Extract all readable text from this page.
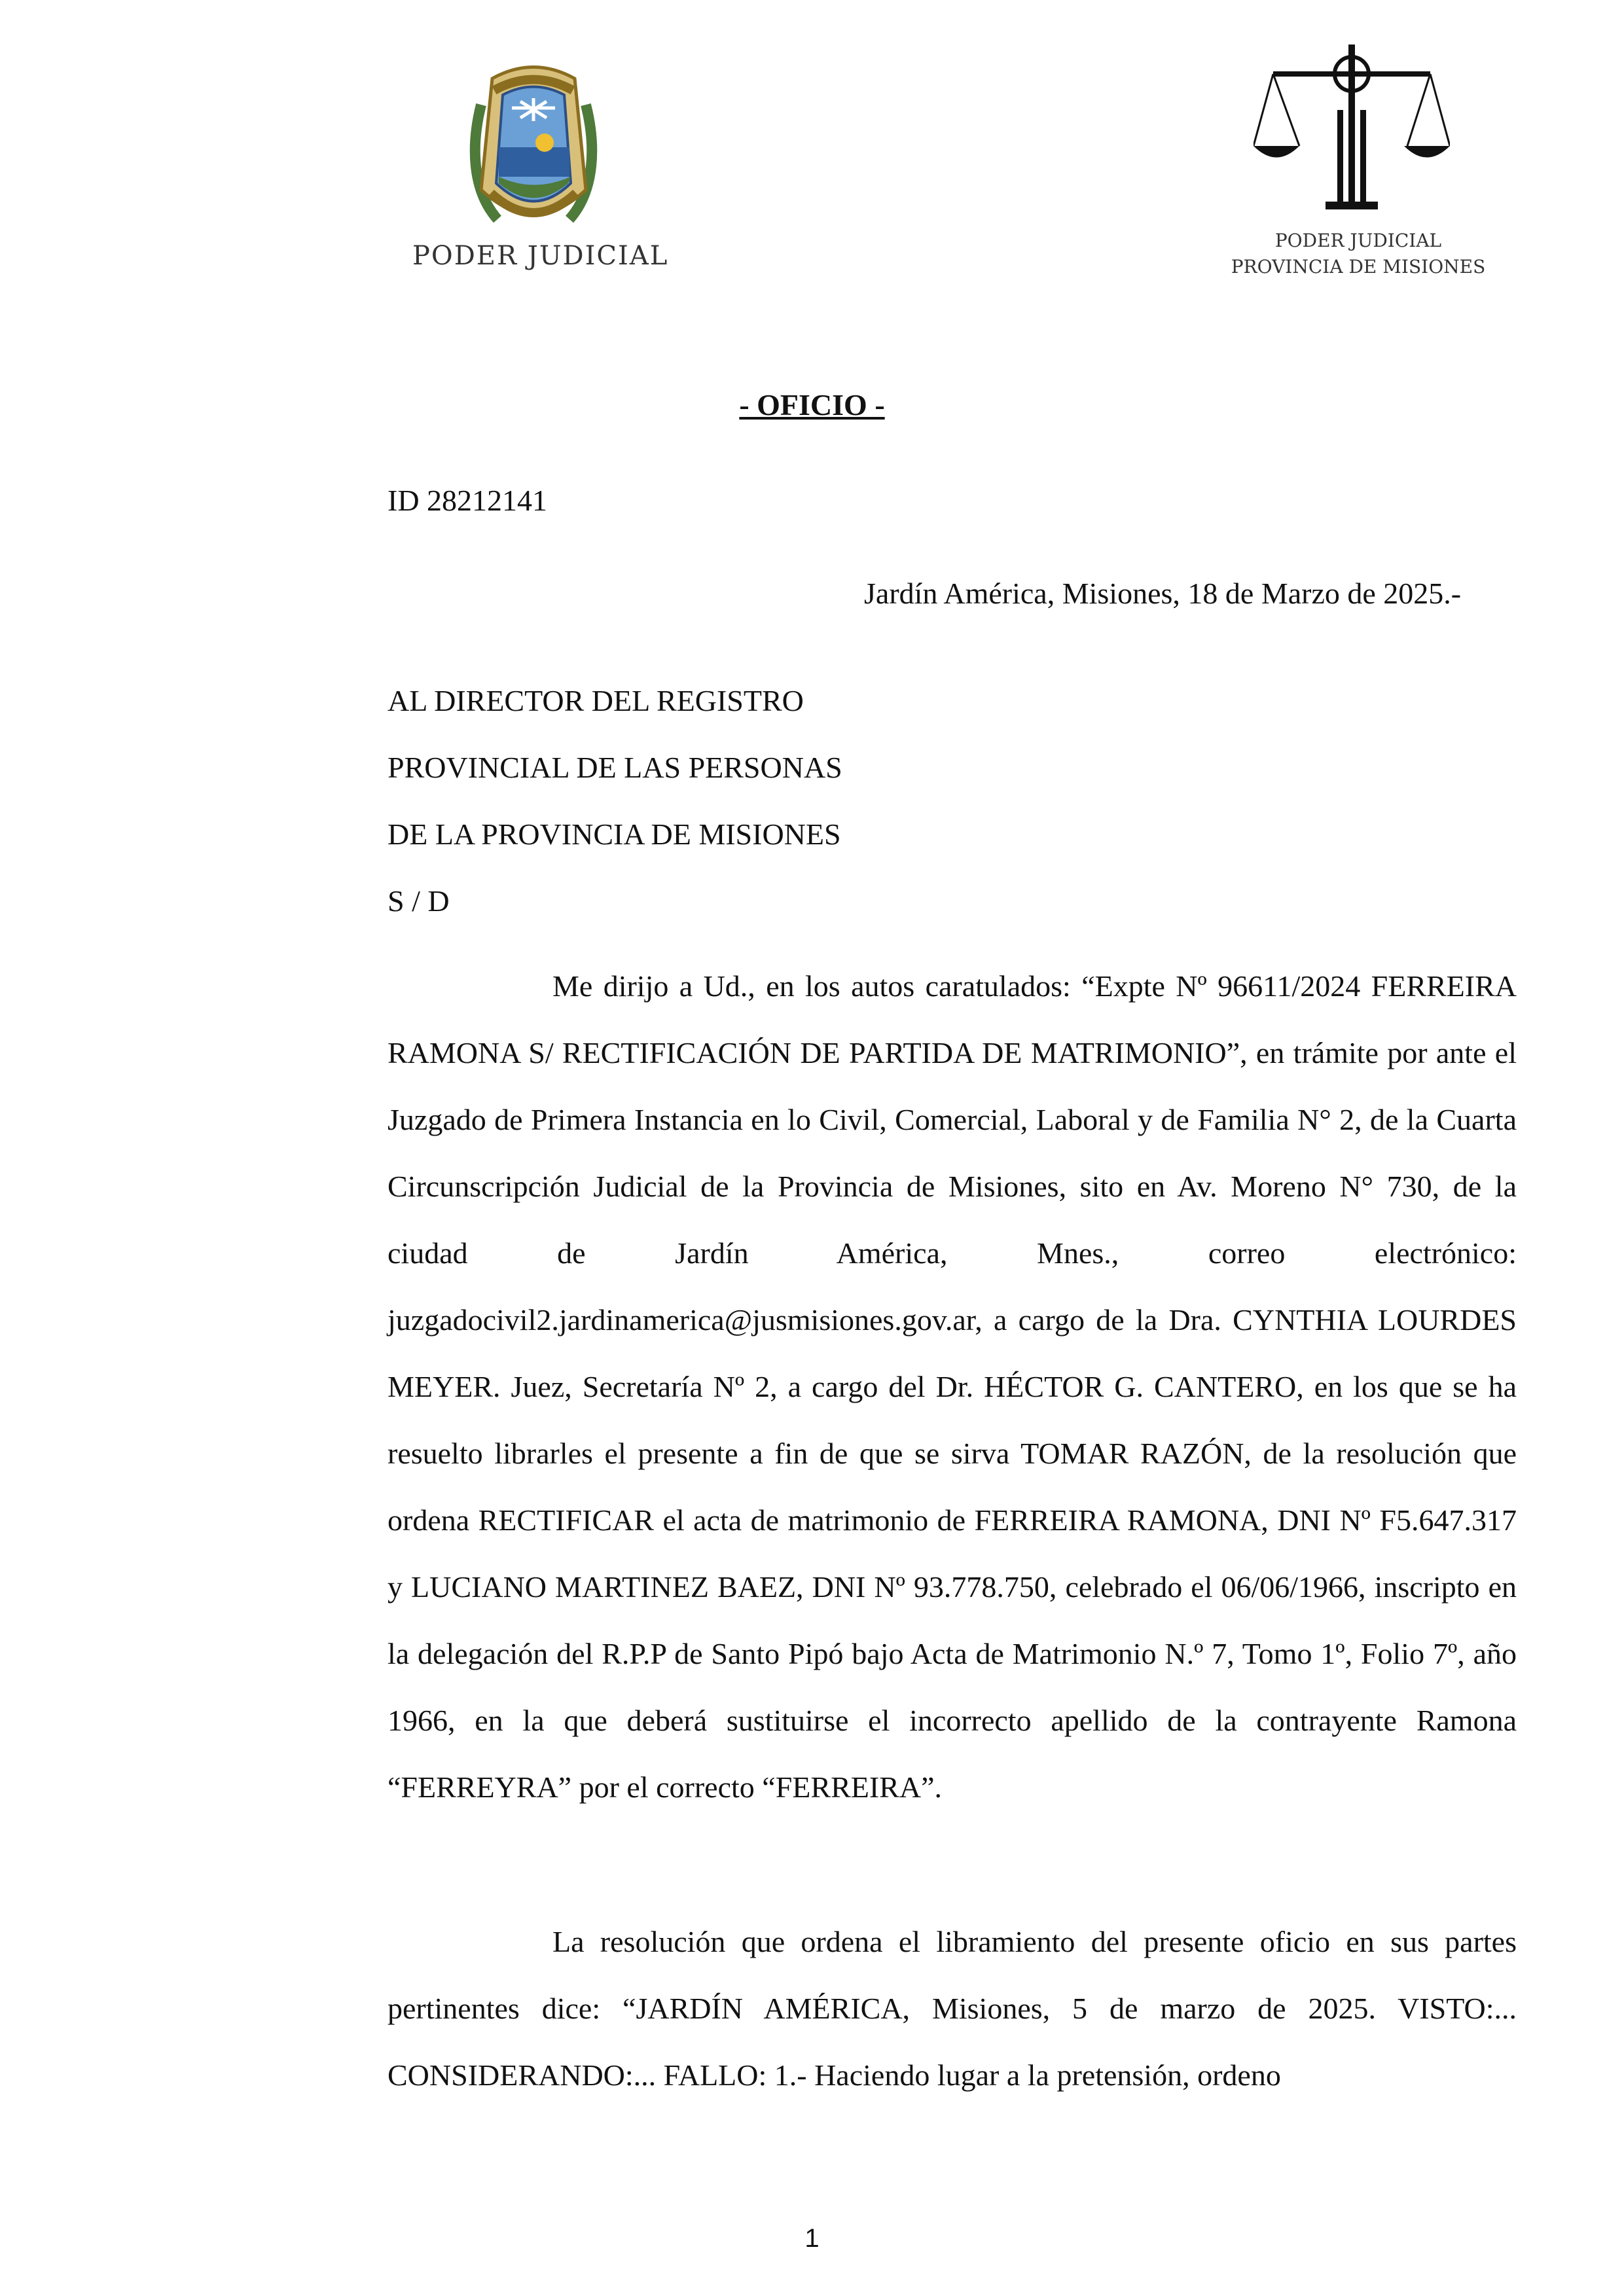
PODER JUDICIAL
PODER JUDICIAL
PROVINCIA DE MISIONES
- OFICIO -
ID 28212141
Jardín América, Misiones, 18 de Marzo de 2025.-
AL DIRECTOR DEL REGISTRO
PROVINCIAL DE LAS PERSONAS
DE LA PROVINCIA DE MISIONES
S / D
Me dirijo a Ud., en los autos caratulados: “Expte Nº 96611/2024 FERREIRA RAMONA S/ RECTIFICACIÓN DE PARTIDA DE MATRIMONIO”, en trámite por ante el Juzgado de Primera Instancia en lo Civil, Comercial, Laboral y de Familia N° 2, de la Cuarta Circunscripción Judicial de la Provincia de Misiones, sito en Av. Moreno N° 730, de la ciudad de Jardín América, Mnes., correo electrónico: juzgadocivil2.jardinamerica@jusmisiones.gov.ar, a cargo de la Dra. CYNTHIA LOURDES MEYER. Juez, Secretaría Nº 2, a cargo del Dr. HÉCTOR G. CANTERO, en los que se ha resuelto librarles el presente a fin de que se sirva TOMAR RAZÓN, de la resolución que ordena RECTIFICAR el acta de matrimonio de FERREIRA RAMONA, DNI Nº F5.647.317 y LUCIANO MARTINEZ BAEZ, DNI Nº 93.778.750, celebrado el 06/06/1966, inscripto en la delegación del R.P.P de Santo Pipó bajo Acta de Matrimonio N.º 7, Tomo 1º, Folio 7º, año 1966, en la que deberá sustituirse el incorrecto apellido de la contrayente Ramona “FERREYRA” por el correcto “FERREIRA”.
La resolución que ordena el libramiento del presente oficio en sus partes pertinentes dice: “JARDÍN AMÉRICA, Misiones, 5 de marzo de 2025. VISTO:... CONSIDERANDO:... FALLO: 1.- Haciendo lugar a la pretensión, ordeno
1
